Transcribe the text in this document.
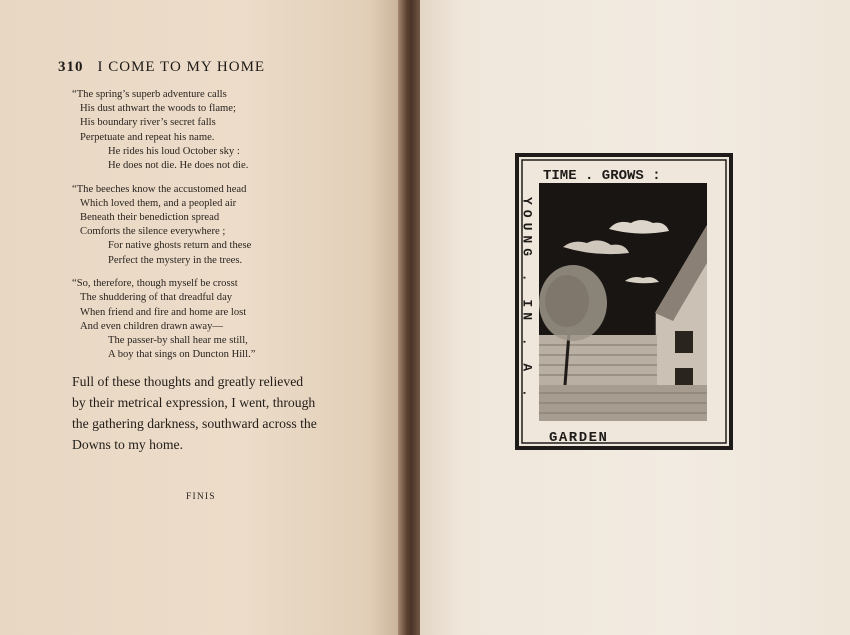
310 I COME TO MY HOME
“The spring’s superb adventure calls
His dust athwart the woods to flame;
His boundary river’s secret falls
Perpetuate and repeat his name.
He rides his loud October sky :
He does not die. He does not die.
“The beeches know the accustomed head
Which loved them, and a peopled air
Beneath their benediction spread
Comforts the silence everywhere ;
For native ghosts return and these
Perfect the mystery in the trees.
“So, therefore, though myself be crosst
The shuddering of that dreadful day
When friend and fire and home are lost
And even children drawn away—
The passer-by shall hear me still,
A boy that sings on Duncton Hill.”

Full of these thoughts and greatly relieved

by their metrical expression, I went, through

the gathering darkness, southward across the

Downs to my home.

FINIS
TIME . GROWS :
YOUNG . IN . A .
GARDEN
